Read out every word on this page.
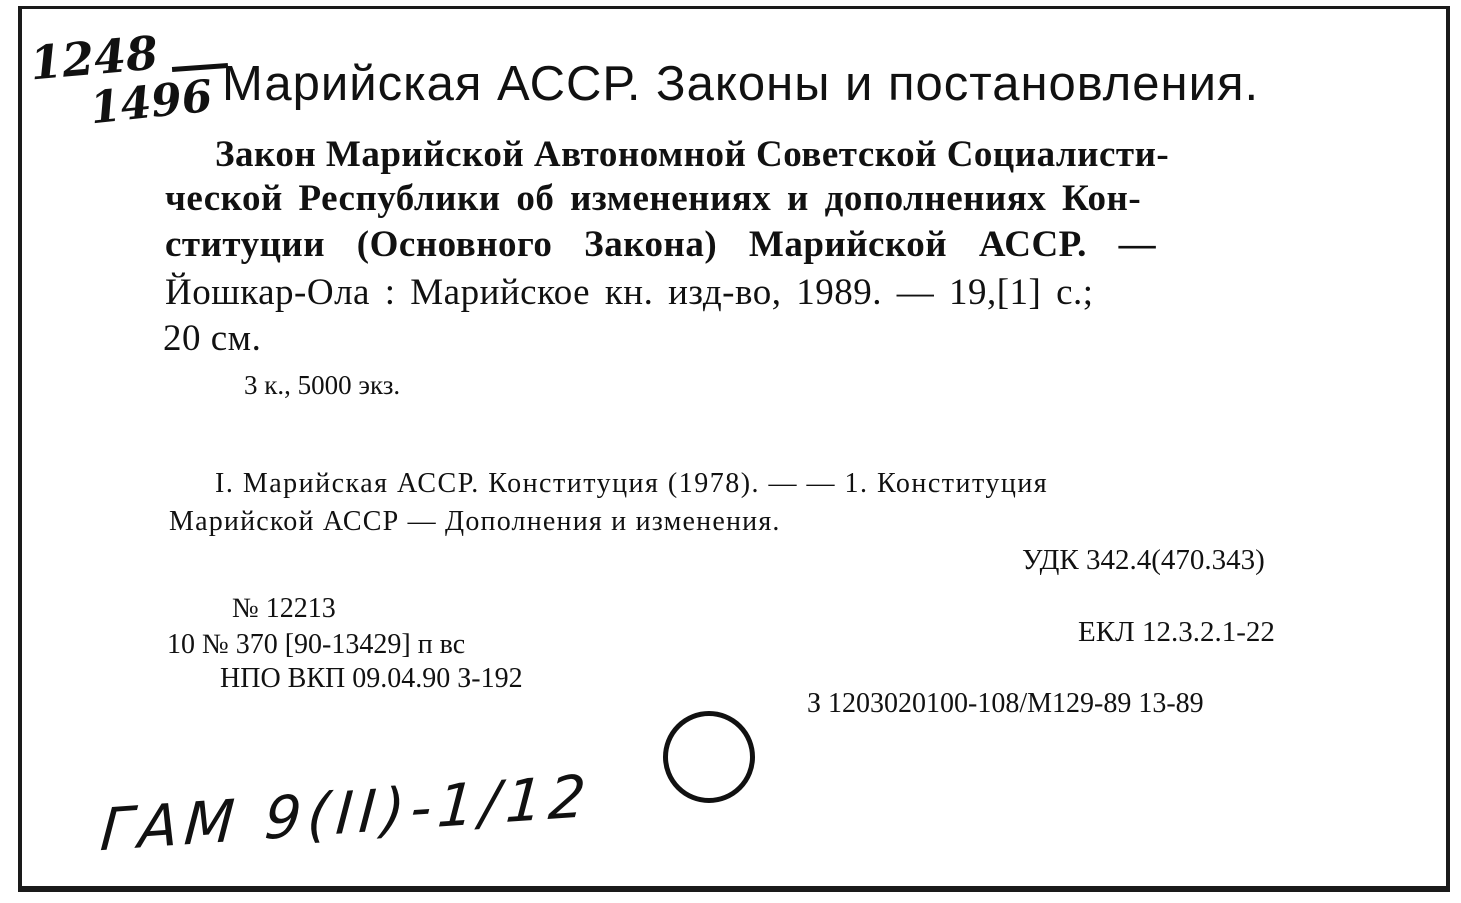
1248
1496 Марийская АССР. Законы и постановления.
Закон Марийской Автономной Советской Социалисти-
ческой Республики об изменениях и дополнениях Кон-
ституции (Основного Закона) Марийской АССР. —
Йошкар-Ола : Марийское кн. изд-во, 1989. — 19,[1] с.;
20 см.
3 к., 5000 экз.
I. Марийская АССР. Конституция (1978). — — 1. Конституция
Марийской АССР — Дополнения и изменения.
УДК 342.4(470.343)
№ 12213
ЕКЛ 12.3.2.1-22
10 № 370 [90-13429] п вс
НПО ВКП 09.04.90 З-192
З 1203020100-108/М129-89 13-89
ГАМ 9(II)-1/12
